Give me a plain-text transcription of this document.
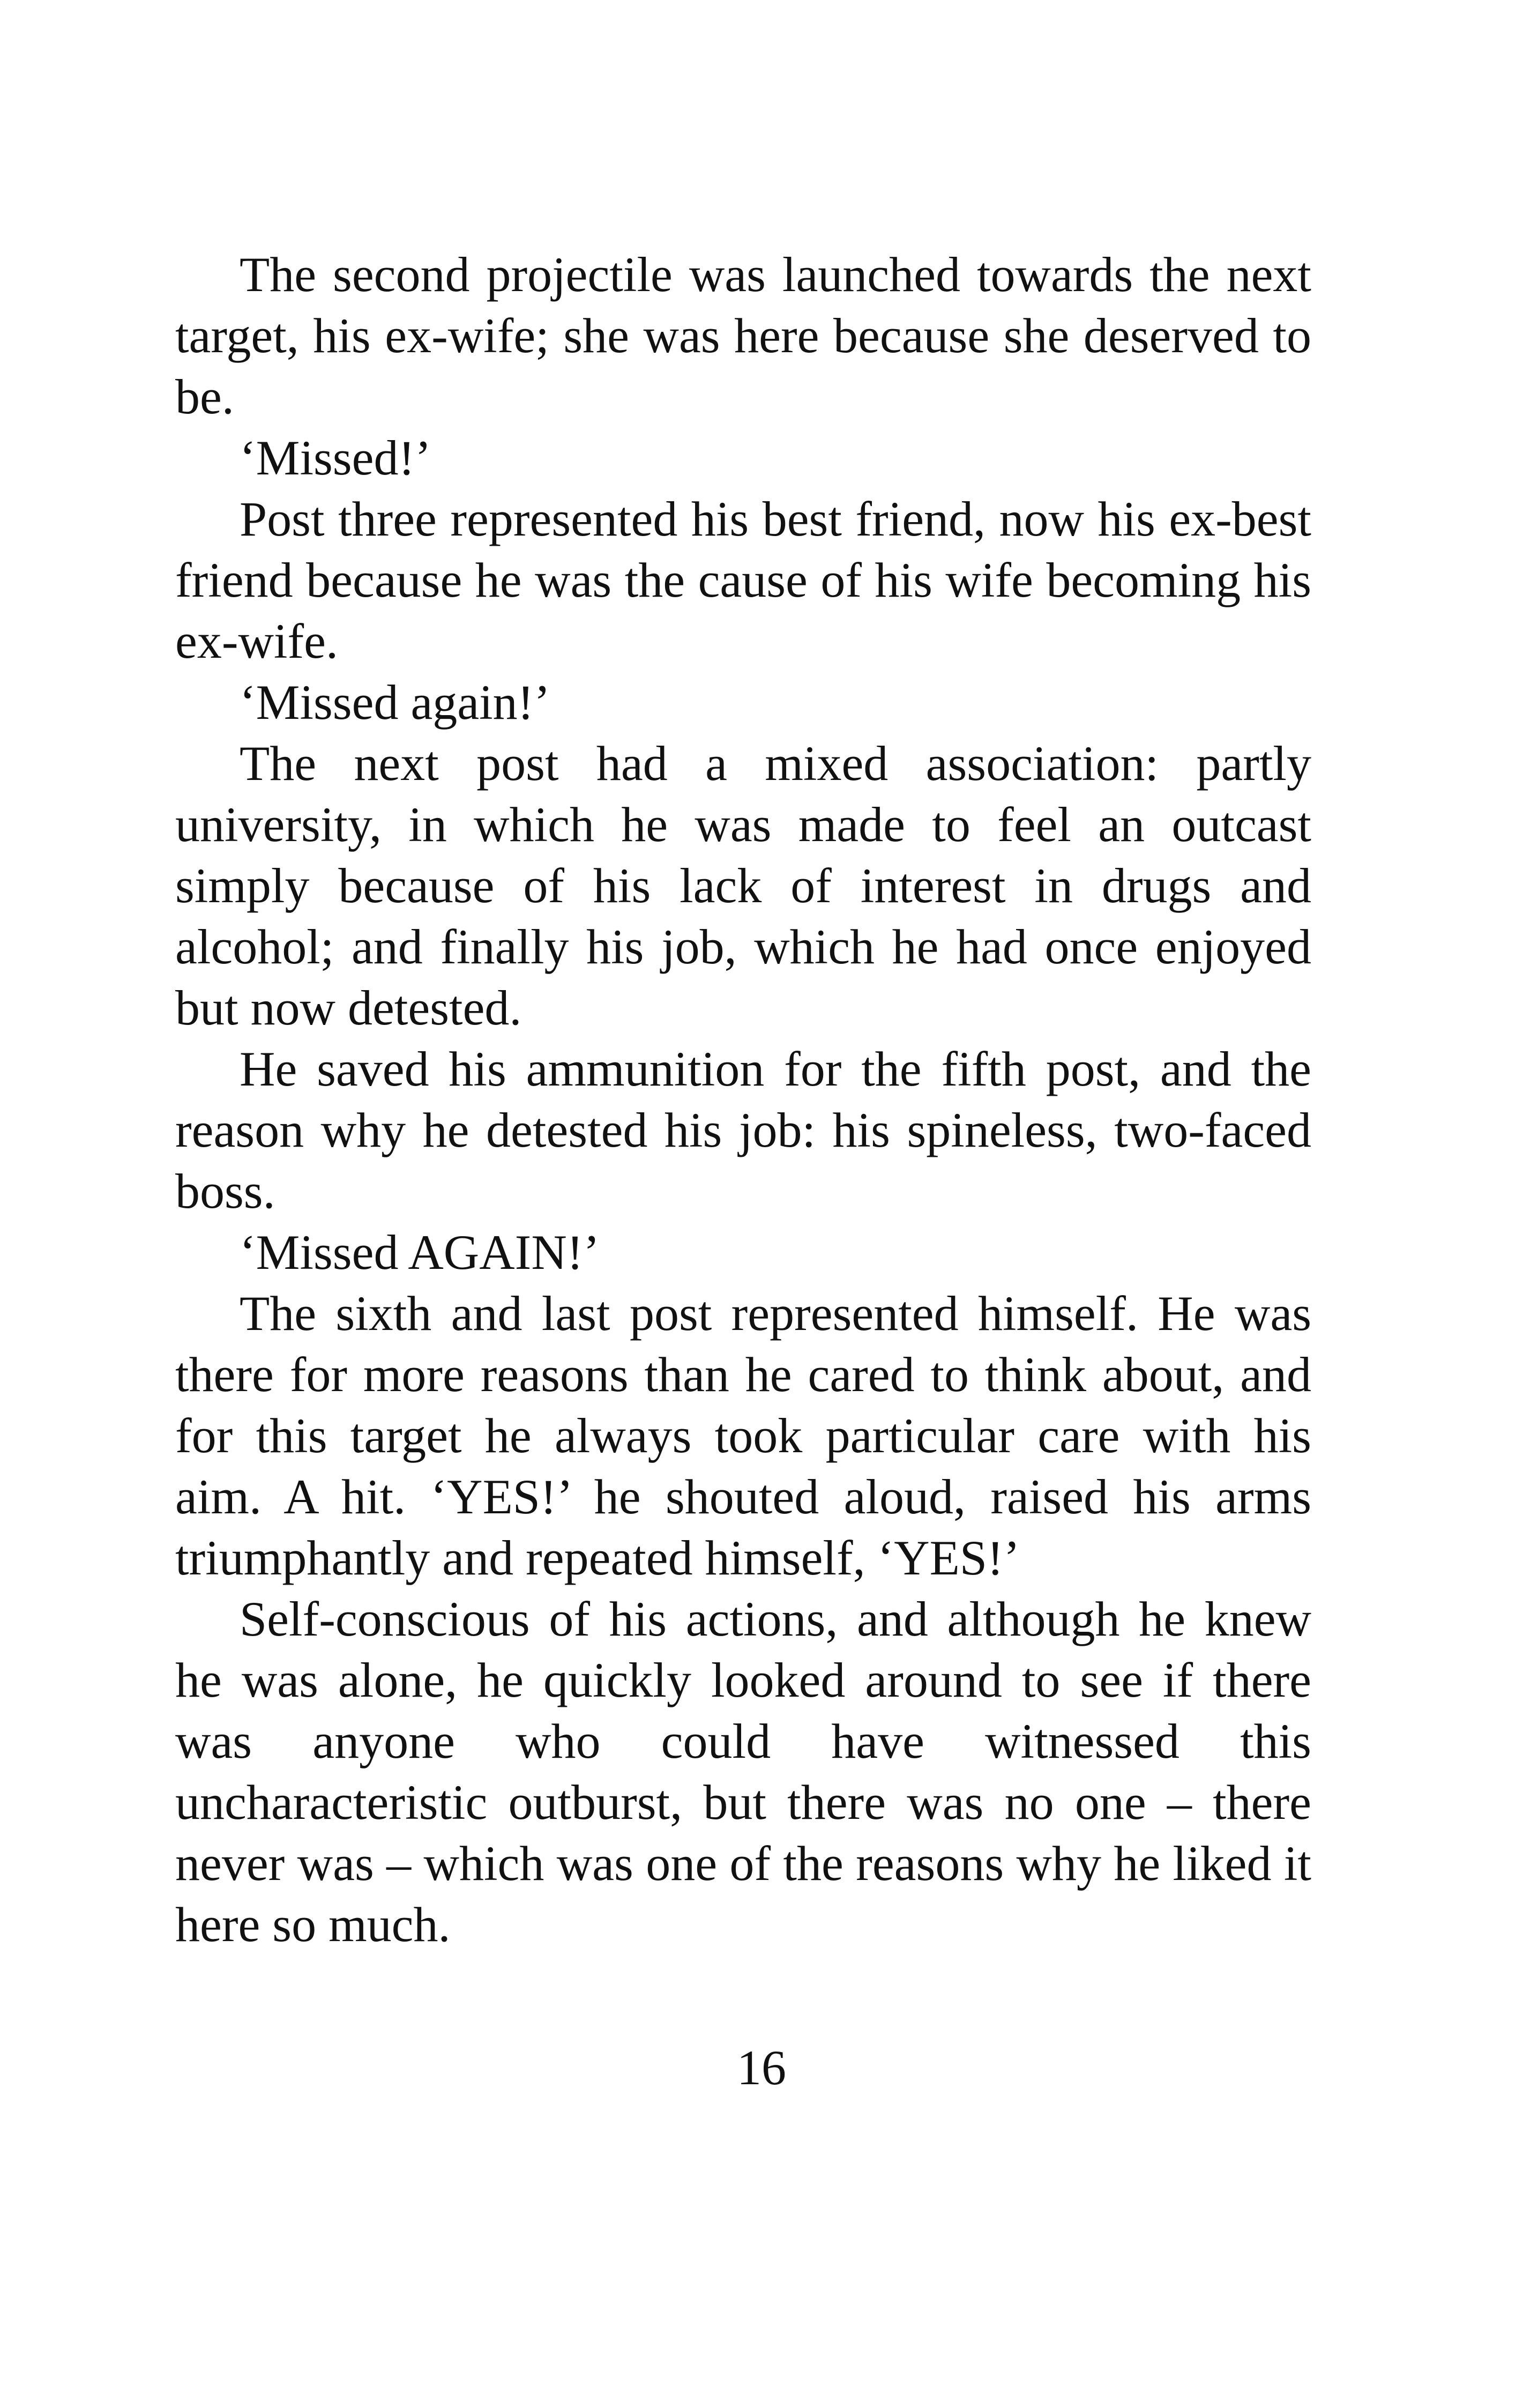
The second projectile was launched towards the next target, his ex-wife; she was here because she deserved to be.

‘Missed!’

Post three represented his best friend, now his ex-best friend because he was the cause of his wife becoming his ex-wife.

‘Missed again!’

The next post had a mixed association: partly university, in which he was made to feel an outcast simply because of his lack of interest in drugs and alcohol; and finally his job, which he had once enjoyed but now detested.

He saved his ammunition for the fifth post, and the reason why he detested his job: his spineless, two-faced boss.

‘Missed AGAIN!’

The sixth and last post represented himself. He was there for more reasons than he cared to think about, and for this target he always took particular care with his aim. A hit. ‘YES!’ he shouted aloud, raised his arms triumphantly and repeated himself, ‘YES!’

Self-conscious of his actions, and although he knew he was alone, he quickly looked around to see if there was anyone who could have witnessed this uncharacteristic outburst, but there was no one – there never was – which was one of the reasons why he liked it here so much.

16
